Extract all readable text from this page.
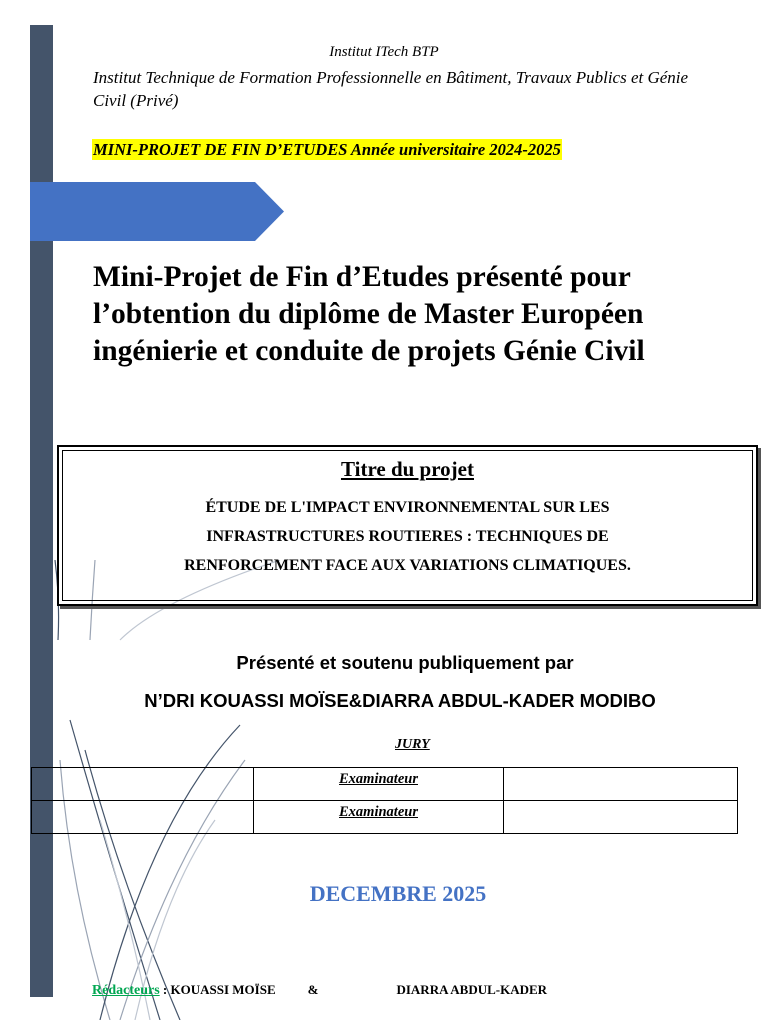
Institut ITech BTP
Institut Technique de Formation Professionnelle en Bâtiment, Travaux Publics et Génie Civil (Privé)
MINI-PROJET DE FIN D’ETUDES Année universitaire 2024-2025
Mini-Projet de Fin d’Etudes présenté pour l’obtention du diplôme de Master Européen ingénierie et conduite de projets Génie Civil
Titre du projet
ÉTUDE DE L'IMPACT ENVIRONNEMENTAL SUR LES
INFRASTRUCTURES ROUTIERES : TECHNIQUES DE
RENFORCEMENT FACE AUX VARIATIONS CLIMATIQUES.
Présenté et soutenu publiquement par
N’DRI KOUASSI MOÏSE&DIARRA ABDUL-KADER MODIBO
JURY

	Examinateur	

	Examinateur	

DECEMBRE 2025
Rédacteurs : KOUASSI MOÏSE &	DIARRA ABDUL-KADER
